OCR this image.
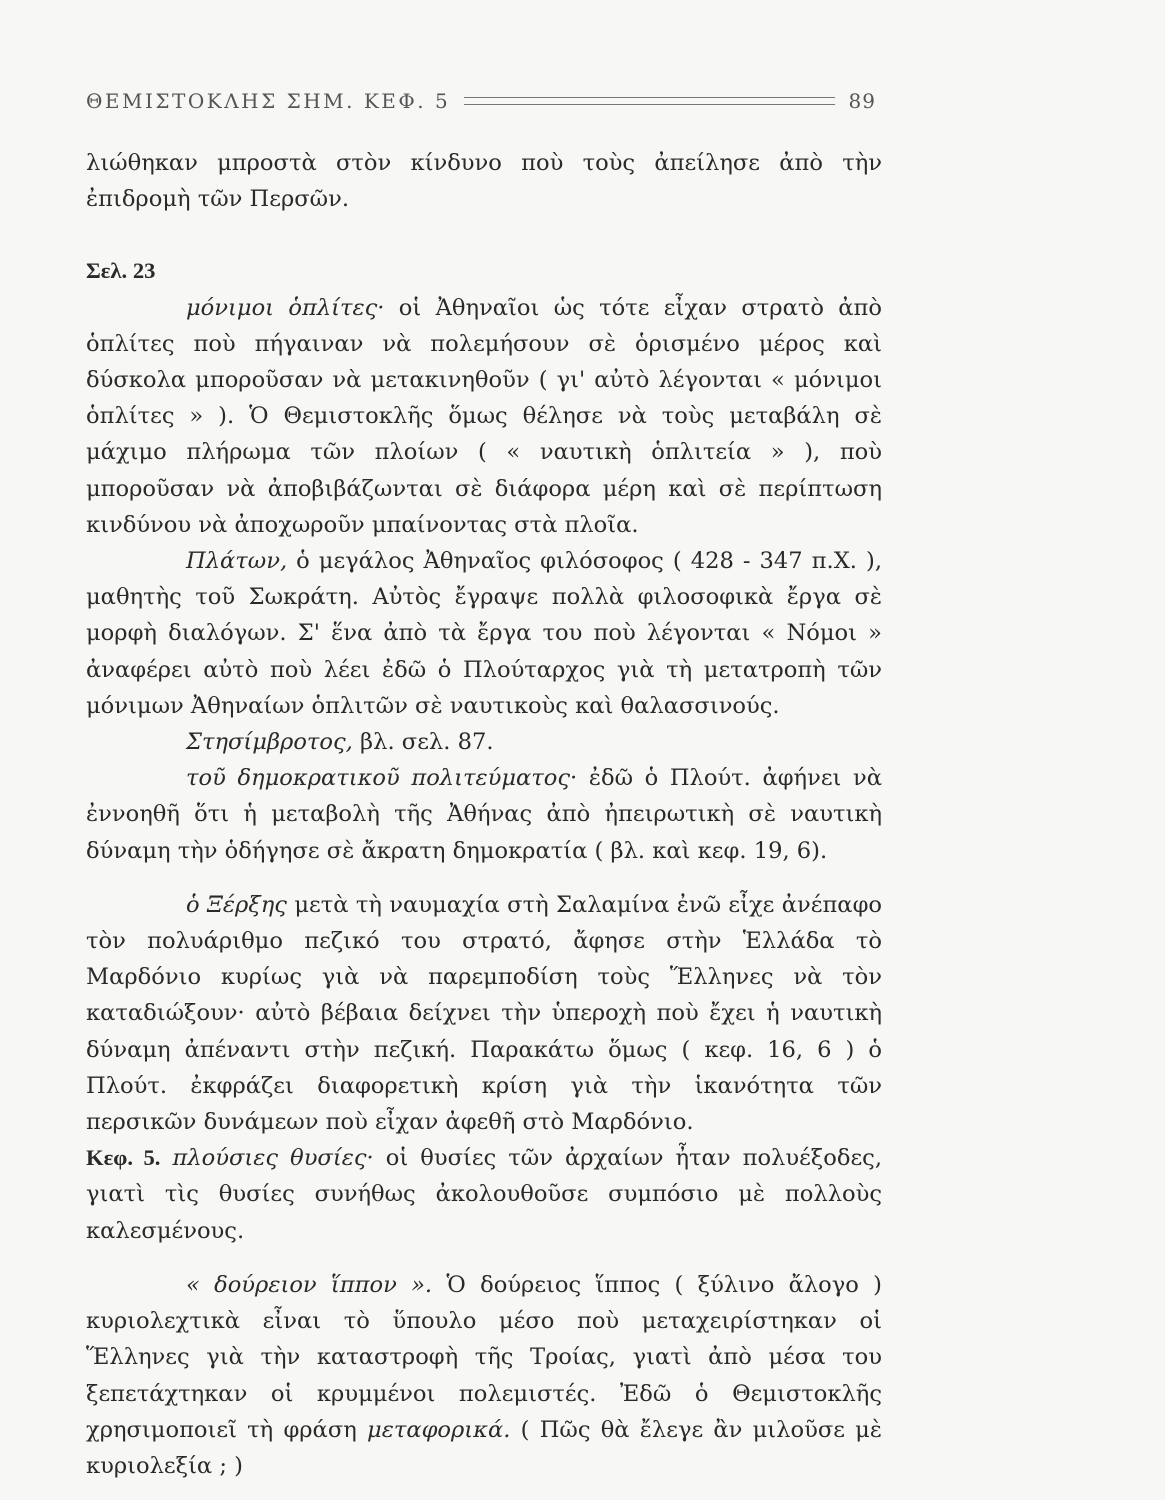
ΘΕΜΙΣΤΟΚΛΗΣ ΣΗΜ. ΚΕΦ. 5	89

λιώθηκαν μπροστὰ στὸν κίνδυνο ποὺ τοὺς ἀπείλησε ἀπὸ τὴν ἐπιδρομὴ τῶν Περσῶν.

Σελ. 23

μόνιμοι ὁπλίτες· οἱ Ἀθηναῖοι ὡς τότε εἶχαν στρατὸ ἀπὸ ὁπλίτες ποὺ πήγαιναν νὰ πολεμήσουν σὲ ὁρισμένο μέρος καὶ δύσκολα μποροῦσαν νὰ μετακινηθοῦν ( γι' αὐτὸ λέγονται « μόνιμοι ὁπλίτες » ). Ὁ Θεμιστοκλῆς ὅμως θέλησε νὰ τοὺς μεταβάλη σὲ μάχιμο πλήρωμα τῶν πλοίων ( « ναυτικὴ ὁπλιτεία » ), ποὺ μποροῦσαν νὰ ἀποβιβάζωνται σὲ διάφορα μέρη καὶ σὲ περίπτωση κινδύνου νὰ ἀποχωροῦν μπαίνοντας στὰ πλοῖα.

Πλάτων, ὁ μεγάλος Ἀθηναῖος φιλόσοφος ( 428 - 347 π.Χ. ), μαθητὴς τοῦ Σωκράτη. Αὐτὸς ἔγραψε πολλὰ φιλοσοφικὰ ἔργα σὲ μορφὴ διαλόγων. Σ' ἕνα ἀπὸ τὰ ἔργα του ποὺ λέγονται « Νόμοι » ἀναφέρει αὐτὸ ποὺ λέει ἐδῶ ὁ Πλούταρχος γιὰ τὴ μετατροπὴ τῶν μόνιμων Ἀθηναίων ὁπλιτῶν σὲ ναυτικοὺς καὶ θαλασσινούς.

Στησίμβροτος, βλ. σελ. 87.

τοῦ δημοκρατικοῦ πολιτεύματος· ἐδῶ ὁ Πλούτ. ἀφήνει νὰ ἐννοηθῆ ὅτι ἡ μεταβολὴ τῆς Ἀθήνας ἀπὸ ἠπειρωτικὴ σὲ ναυτικὴ δύναμη τὴν ὁδήγησε σὲ ἄκρατη δημοκρατία ( βλ. καὶ κεφ. 19, 6).

ὁ Ξέρξης μετὰ τὴ ναυμαχία στὴ Σαλαμίνα ἐνῶ εἶχε ἀνέπαφο τὸν πολυάριθμο πεζικό του στρατό, ἄφησε στὴν Ἑλλάδα τὸ Μαρδόνιο κυρίως γιὰ νὰ παρεμποδίση τοὺς Ἕλληνες νὰ τὸν καταδιώξουν· αὐτὸ βέβαια δείχνει τὴν ὑπεροχὴ ποὺ ἔχει ἡ ναυτικὴ δύναμη ἀπέναντι στὴν πεζική. Παρακάτω ὅμως ( κεφ. 16, 6 ) ὁ Πλούτ. ἐκφράζει διαφορετικὴ κρίση γιὰ τὴν ἱκανότητα τῶν περσικῶν δυνάμεων ποὺ εἶχαν ἀφεθῆ στὸ Μαρδόνιο.

Κεφ. 5. πλούσιες θυσίες· οἱ θυσίες τῶν ἀρχαίων ἦταν πολυέξοδες, γιατὶ τὶς θυσίες συνήθως ἀκολουθοῦσε συμπόσιο μὲ πολλοὺς καλεσμένους.

« δούρειον ἵππον ». Ὁ δούρειος ἵππος ( ξύλινο ἄλογο ) κυριολεχτικὰ εἶναι τὸ ὕπουλο μέσο ποὺ μεταχειρίστηκαν οἱ Ἕλληνες γιὰ τὴν καταστροφὴ τῆς Τροίας, γιατὶ ἀπὸ μέσα του ξεπετάχτηκαν οἱ κρυμμένοι πολεμιστές. Ἐδῶ ὁ Θεμιστοκλῆς χρησιμοποιεῖ τὴ φράση μεταφορικά. ( Πῶς θὰ ἔλεγε ἂν μιλοῦσε μὲ κυριολεξία ; )
